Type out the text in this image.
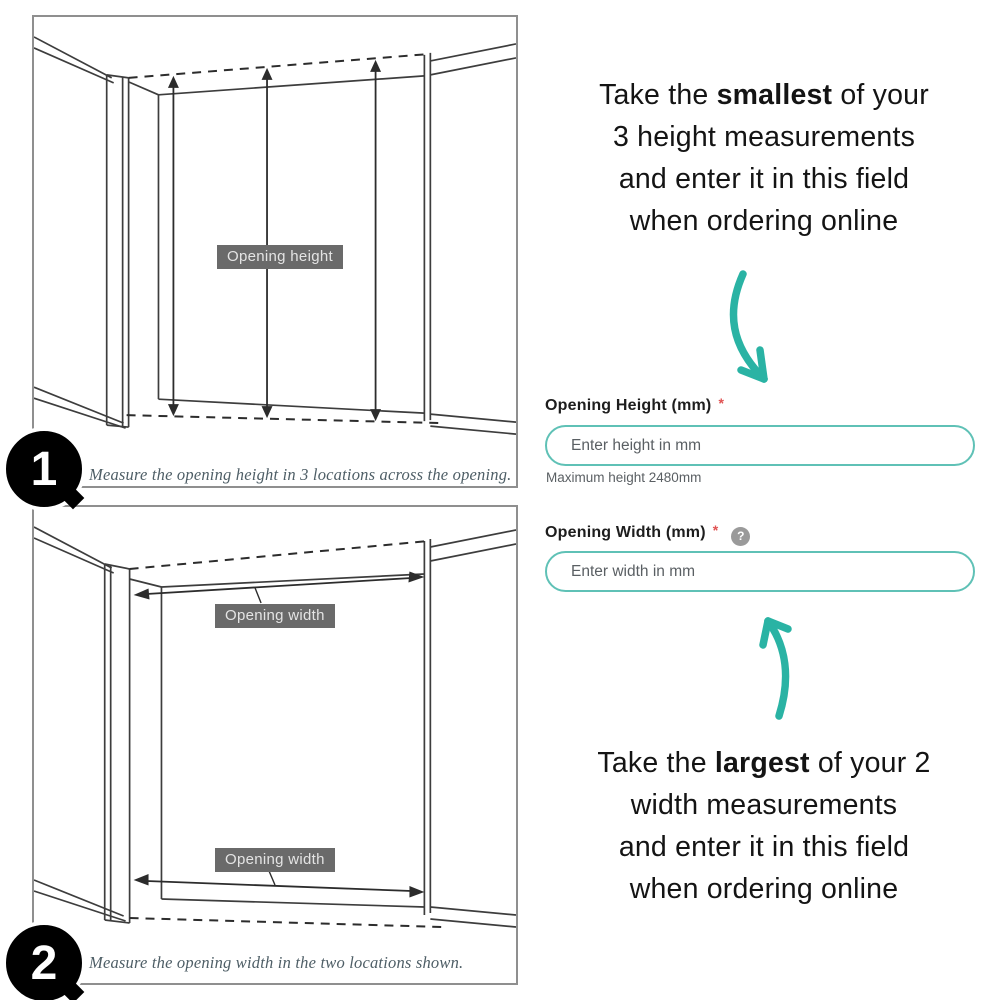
Opening height
Measure the opening height in 3 locations across the opening.
1
Opening width
Opening width
Measure the opening width in the two locations shown.
2
Take the smallest of your
3 height measurements
and enter it in this field
when ordering online
Opening Height (mm) *
Enter height in mm
Maximum height 2480mm
Opening Width (mm) * ?
Enter width in mm
Take the largest of your 2
width measurements
and enter it in this field
when ordering online
